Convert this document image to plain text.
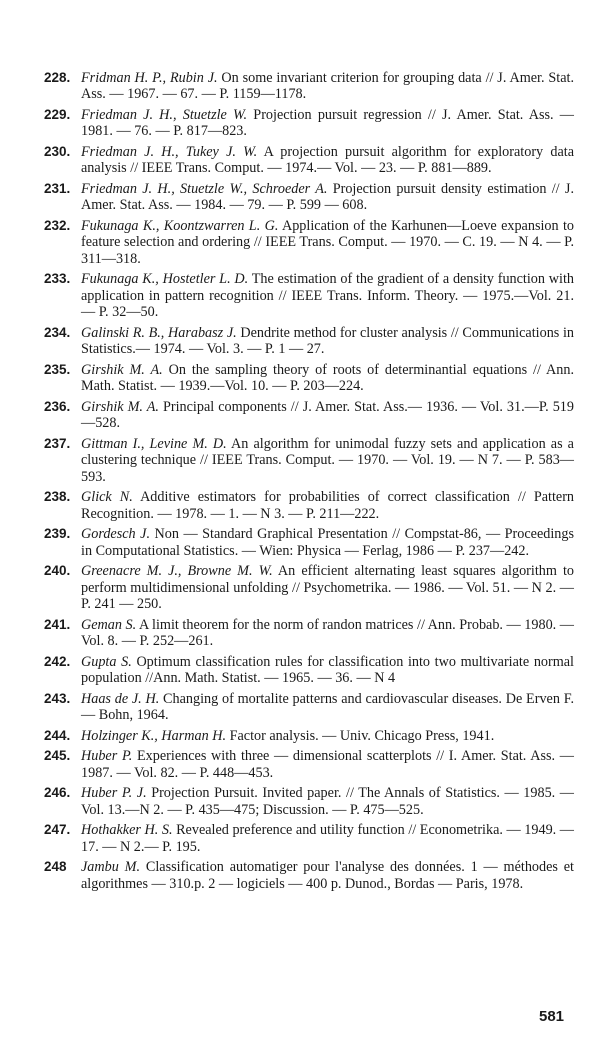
228. Fridman H. P., Rubin J. On some invariant criterion for grouping data // J. Amer. Stat. Ass. — 1967. — 67. — P. 1159—1178.
229. Friedman J. H., Stuetzle W. Projection pursuit regression // J. Amer. Stat. Ass. — 1981. — 76. — P. 817—823.
230. Friedman J. H., Tukey J. W. A projection pursuit algorithm for exploratory data analysis // IEEE Trans. Comput. — 1974.— Vol. — 23. — P. 881—889.
231. Friedman J. H., Stuetzle W., Schroeder A. Projection pursuit density estimation // J. Amer. Stat. Ass. — 1984. — 79. — P. 599 — 608.
232. Fukunaga K., Koontzwarren L. G. Application of the Karhunen—Loeve expansion to feature selection and ordering // IEEE Trans. Comput. — 1970. — C. 19. — N 4. — P. 311—318.
233. Fukunaga K., Hostetler L. D. The estimation of the gradient of a density function with application in pattern recognition // IEEE Trans. Inform. Theory. — 1975.—Vol. 21. — P. 32—50.
234. Galinski R. B., Harabasz J. Dendrite method for cluster analysis // Communications in Statistics.— 1974. — Vol. 3. — P. 1 — 27.
235. Girshik M. A. On the sampling theory of roots of determinantial equations // Ann. Math. Statist. — 1939.—Vol. 10. — P. 203—224.
236. Girshik M. A. Principal components // J. Amer. Stat. Ass.— 1936. — Vol. 31.—P. 519—528.
237. Gittman I., Levine M. D. An algorithm for unimodal fuzzy sets and application as a clustering technique // IEEE Trans. Comput. — 1970. — Vol. 19. — N 7. — P. 583—593.
238. Glick N. Additive estimators for probabilities of correct classification // Pattern Recognition. — 1978. — 1. — N 3. — P. 211—222.
239. Gordesch J. Non — Standard Graphical Presentation // Compstat-86, — Proceedings in Computational Statistics. — Wien: Physica — Ferlag, 1986 — P. 237—242.
240. Greenacre M. J., Browne M. W. An efficient alternating least squares algorithm to perform multidimensional unfolding // Psychometrika. — 1986. — Vol. 51. — N 2. — P. 241 — 250.
241. Geman S. A limit theorem for the norm of randon matrices // Ann. Probab. — 1980. — Vol. 8. — P. 252—261.
242. Gupta S. Optimum classification rules for classification into two multivariate normal population //Ann. Math. Statist. — 1965. — 36. — N 4
243. Haas de J. H. Changing of mortalite patterns and cardiovascular diseases. De Erven F. — Bohn, 1964.
244. Holzinger K., Harman H. Factor analysis. — Univ. Chicago Press, 1941.
245. Huber P. Experiences with three — dimensional scatterplots // I. Amer. Stat. Ass. — 1987. — Vol. 82. — P. 448—453.
246. Huber P. J. Projection Pursuit. Invited paper. // The Annals of Statistics. — 1985. — Vol. 13.—N 2. — P. 435—475; Discussion. — P. 475—525.
247. Hothakker H. S. Revealed preference and utility function // Econometrika. — 1949. — 17. — N 2.— P. 195.
248	Jambu M. Classification automatiger pour l'analyse des données. 1 — méthodes et algorithmes — 310.p. 2 — logiciels — 400 p. Dunod., Bordas — Paris, 1978.
581
